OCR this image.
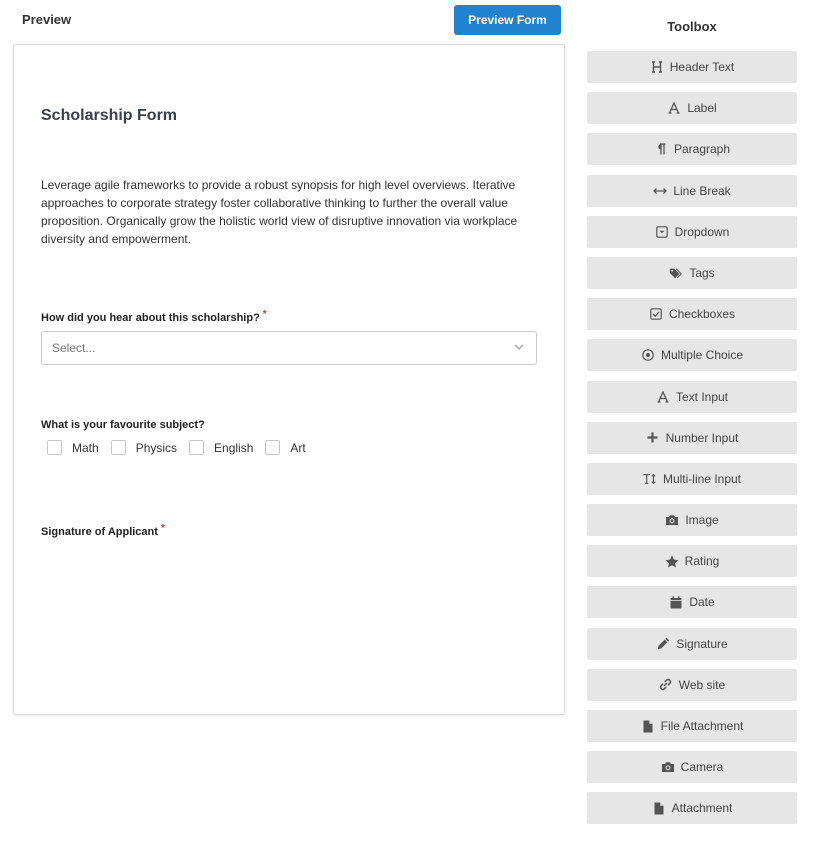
Preview	Preview Form
Scholarship Form
Leverage agile frameworks to provide a robust synopsis for high level overviews. Iterative approaches to corporate strategy foster collaborative thinking to further the overall value proposition. Organically grow the holistic world view of disruptive innovation via workplace diversity and empowerment.
How did you hear about this scholarship? *
Select...
What is your favourite subject?
Math	Physics	English	Art
Signature of Applicant *
Toolbox
Header Text
Label
Paragraph
Line Break
Dropdown
Tags
Checkboxes
Multiple Choice
Text Input
Number Input
Multi-line Input
Image
Rating
Date
Signature
Web site
File Attachment
Camera
Attachment
